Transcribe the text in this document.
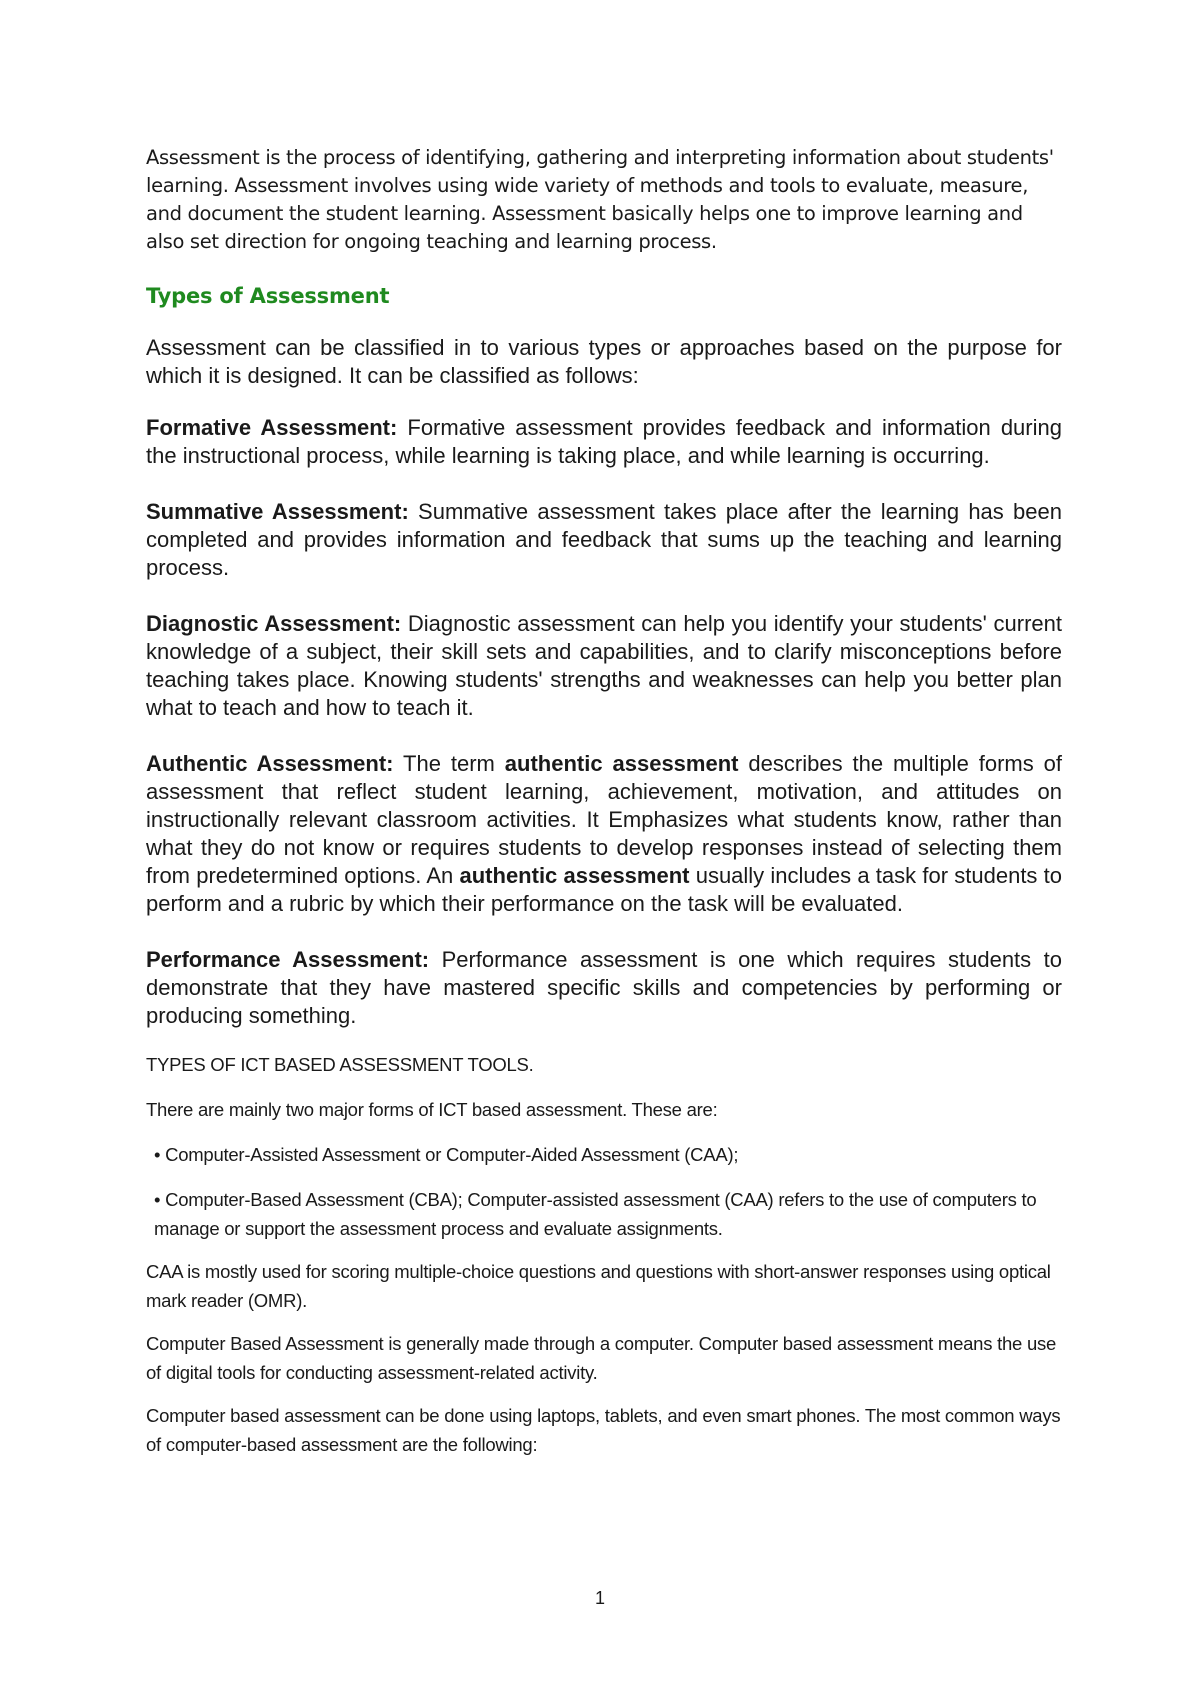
Assessment is the process of identifying, gathering and interpreting information about students' learning. Assessment involves using wide variety of methods and tools to evaluate, measure, and document the student learning. Assessment basically helps one to improve learning and also set direction for ongoing teaching and learning process.

Types of Assessment

Assessment can be classified in to various types or approaches based on the purpose for which it is designed. It can be classified as follows:

Formative Assessment: Formative assessment provides feedback and information during the instructional process, while learning is taking place, and while learning is occurring.

Summative Assessment: Summative assessment takes place after the learning has been completed and provides information and feedback that sums up the teaching and learning process.

Diagnostic Assessment: Diagnostic assessment can help you identify your students' current knowledge of a subject, their skill sets and capabilities, and to clarify misconceptions before teaching takes place. Knowing students' strengths and weaknesses can help you better plan what to teach and how to teach it.

Authentic Assessment: The term authentic assessment describes the multiple forms of assessment that reflect student learning, achievement, motivation, and attitudes on instructionally relevant classroom activities. It Emphasizes what students know, rather than what they do not know or requires students to develop responses instead of selecting them from predetermined options. An authentic assessment usually includes a task for students to perform and a rubric by which their performance on the task will be evaluated.

Performance Assessment: Performance assessment is one which requires students to demonstrate that they have mastered specific skills and competencies by performing or producing something.

TYPES OF ICT BASED ASSESSMENT TOOLS.

There are mainly two major forms of ICT based assessment. These are:

• Computer-Assisted Assessment or Computer-Aided Assessment (CAA);

• Computer-Based Assessment (CBA); Computer-assisted assessment (CAA) refers to the use of computers to manage or support the assessment process and evaluate assignments.

CAA is mostly used for scoring multiple-choice questions and questions with short-answer responses using optical mark reader (OMR).

Computer Based Assessment is generally made through a computer. Computer based assessment means the use of digital tools for conducting assessment-related activity.

Computer based assessment can be done using laptops, tablets, and even smart phones. The most common ways of computer-based assessment are the following:

1
